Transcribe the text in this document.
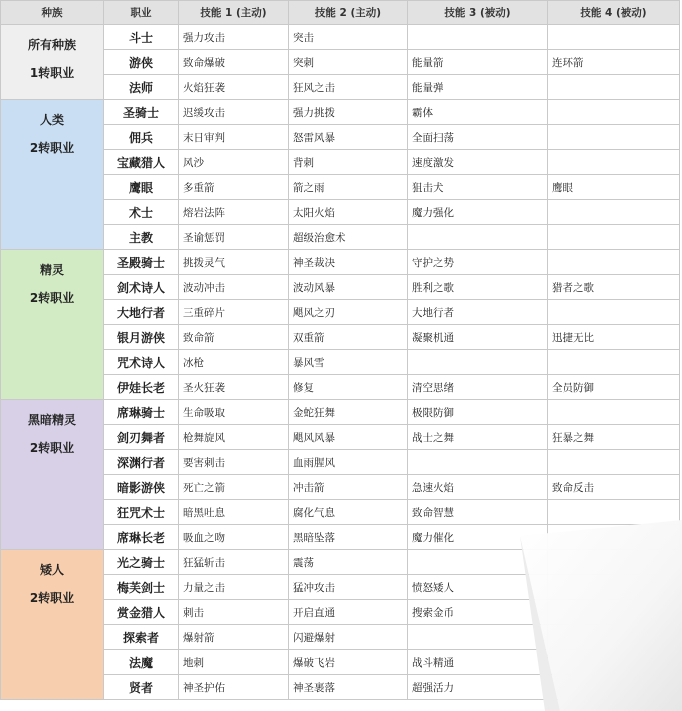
种族	职业	技能 1 (主动)	技能 2 (主动)	技能 3 (被动)	技能 4 (被动)

所有种族
1转职业	斗士	强力攻击	突击		
	游侠	致命爆破	突刺	能量箭	连环箭
	法师	火焰狂袭	狂风之击	能量弹	

人类
2转职业	圣骑士	迟缓攻击	强力挑拨	霸体	
	佣兵	末日审判	怒雷风暴	全面扫荡	
	宝藏猎人	风沙	背刺	速度激发	
	鹰眼	多重箭	箭之雨	狙击犬	鹰眼
	术士	熔岩法阵	太阳火焰	魔力强化	
	主教	圣谕惩罚	超级治愈术		

精灵
2转职业	圣殿骑士	挑拨灵气	神圣裁决	守护之势	
	剑术诗人	波动冲击	波动风暴	胜利之歌	猎者之歌
	大地行者	三重碎片	飓风之刃	大地行者	
	银月游侠	致命箭	双重箭	凝聚机通	迅捷无比
	咒术诗人	冰枪	暴风雪		
	伊娃长老	圣火狂袭	修复	清空思绪	全员防御

黑暗精灵
2转职业	席琳骑士	生命吸取	金蛇狂舞	极限防御	
	剑刃舞者	枪舞旋风	飓风风暴	战士之舞	狂暴之舞
	深渊行者	要害刺击	血雨腥风		
	暗影游侠	死亡之箭	冲击箭	急速火焰	致命反击
	狂咒术士	暗黑吐息	腐化气息	致命智慧	
	席琳长老	吸血之吻	黑暗坠落	魔力催化	

矮人
2转职业	光之骑士	狂猛斩击	震荡		
	梅芙剑士	力量之击	猛冲攻击	愤怒矮人	
	赏金猎人	刺击	开启直通	搜索金币	
	探索者	爆射箭	闪避爆射		
	法魔	地刺	爆破飞岩	战斗精通	
	贤者	神圣护佑	神圣裹落	超强活力	
